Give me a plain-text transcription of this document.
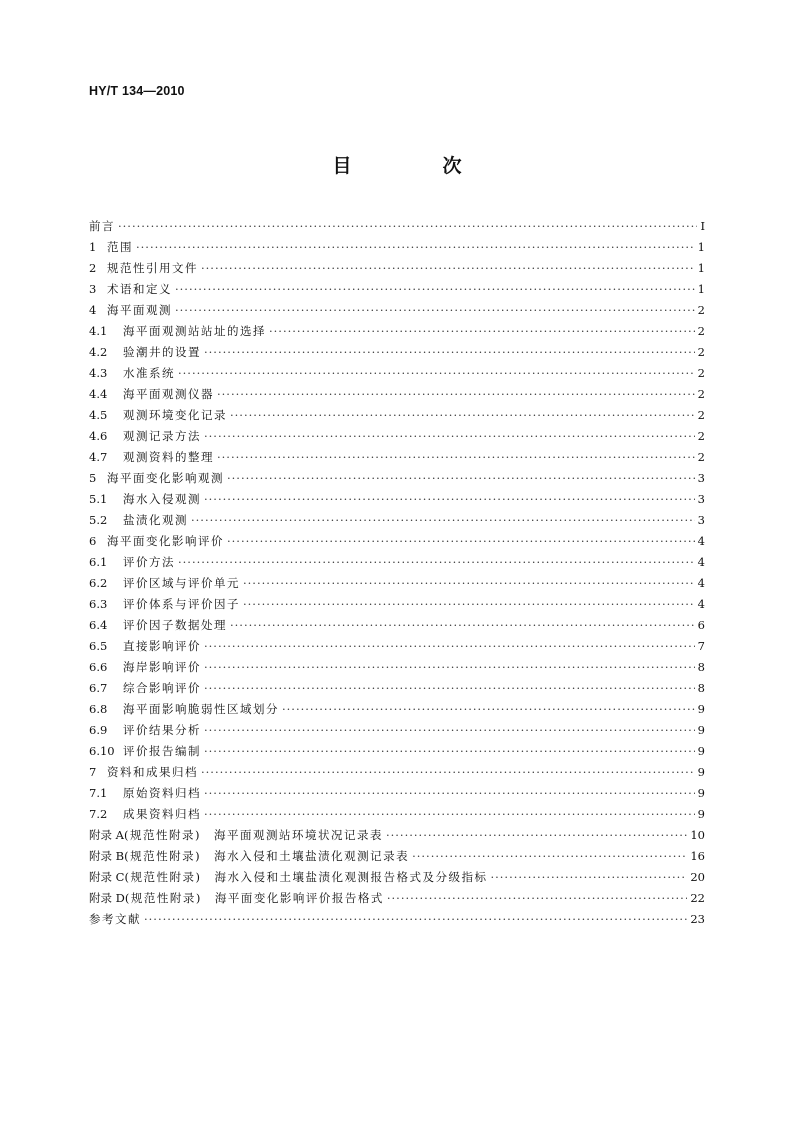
HY/T 134—2010
目　次
前言 ·····	Ⅰ
1 范围 ·····	1
2 规范性引用文件 ·····	1
3 术语和定义 ·····	1
4 海平面观测 ·····	2
4.1	海平面观测站站址的选择 ·····	2
4.2	验潮井的设置 ·····	2
4.3	水准系统 ·····	2
4.4	海平面观测仪器 ·····	2
4.5	观测环境变化记录 ·····	2
4.6	观测记录方法 ·····	2
4.7	观测资料的整理 ·····	2
5 海平面变化影响观测 ·····	3
5.1	海水入侵观测 ·····	3
5.2	盐渍化观测 ·····	3
6 海平面变化影响评价 ·····	4
6.1	评价方法 ·····	4
6.2	评价区域与评价单元 ·····	4
6.3	评价体系与评价因子 ·····	4
6.4	评价因子数据处理 ·····	6
6.5	直接影响评价 ·····	7
6.6	海岸影响评价 ·····	8
6.7	综合影响评价 ·····	8
6.8	海平面影响脆弱性区域划分 ·····	9
6.9	评价结果分析 ·····	9
6.10 评价报告编制 ·····	9
7 资料和成果归档 ·····	9
7.1	原始资料归档 ·····	9
7.2	成果资料归档 ·····	9
附录 A (规范性附录)　海平面观测站环境状况记录表 ·····	10
附录 B (规范性附录)　海水入侵和土壤盐渍化观测记录表 ·····	16
附录 C (规范性附录)　海水入侵和土壤盐渍化观测报告格式及分级指标 ·····	20
附录 D (规范性附录)　海平面变化影响评价报告格式 ·····	22
参考文献 ·····	23
